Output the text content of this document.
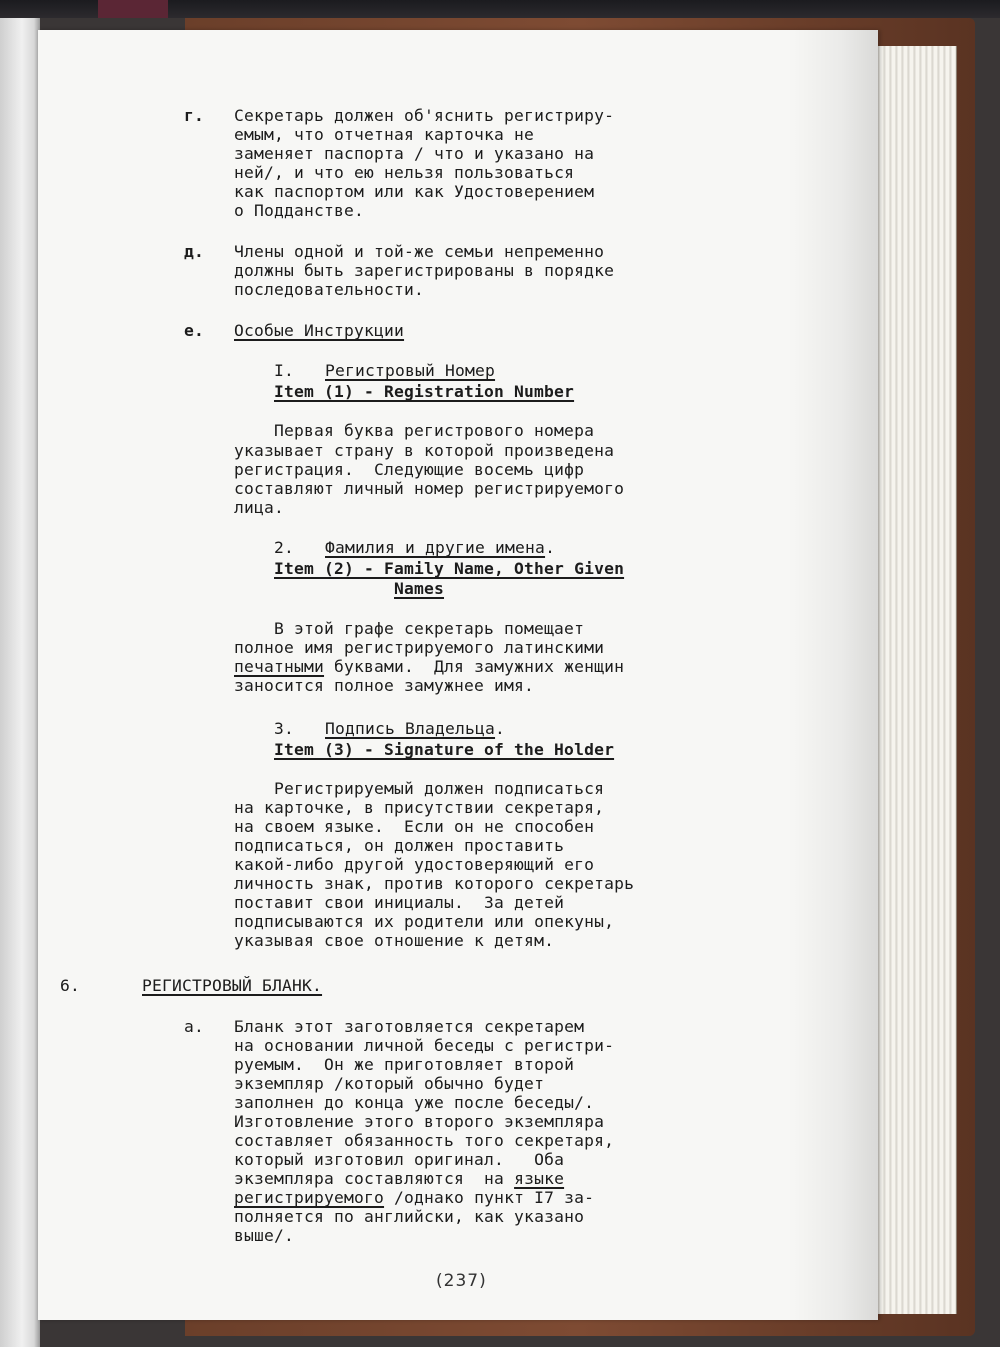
г. Секретарь должен об'яснить регистриру-
емым, что отчетная карточка не
заменяет паспорта / что и указано на
ней/, и что ею нельзя пользоваться
как паспортом или как Удостоверением
о Подданстве.
д. Члены одной и той-же семьи непременно
должны быть зарегистрированы в порядке
последовательности.
е. Особые Инструкции
I. Регистровый Номер
Item (1) - Registration Number
Первая буква регистрового номера
указывает страну в которой произведена
регистрация.  Следующие восемь цифр
составляют личный номер регистрируемого
лица.
2. Фамилия и другие имена.
Item (2) - Family Name, Other Given
Names
В этой графе секретарь помещает
полное имя регистрируемого латинскими
печатными буквами.  Для замужних женщин
заносится полное замужнее имя.
3. Подпись Владельца.
Item (3) - Signature of the Holder
Регистрируемый должен подписаться
на карточке, в присутствии секретаря,
на своем языке.  Если он не способен
подписаться, он должен проставить
какой-либо другой удостоверяющий его
личность знак, против которого секретарь
поставит свои инициалы.  За детей
подписываются их родители или опекуны,
указывая свое отношение к детям.
6.	РЕГИСТРОВЫЙ БЛАНК.
а. Бланк этот заготовляется секретарем
на основании личной беседы с регистри-
руемым.  Он же приготовляет второй
экземпляр /который обычно будет
заполнен до конца уже после беседы/.
Изготовление этого второго экземпляра
составляет обязанность того секретаря,
который изготовил оригинал.   Оба
экземпляра составляются  на языке
регистрируемого /однако пункт I7 за-
полняется по английски, как указано
выше/.
(237)
